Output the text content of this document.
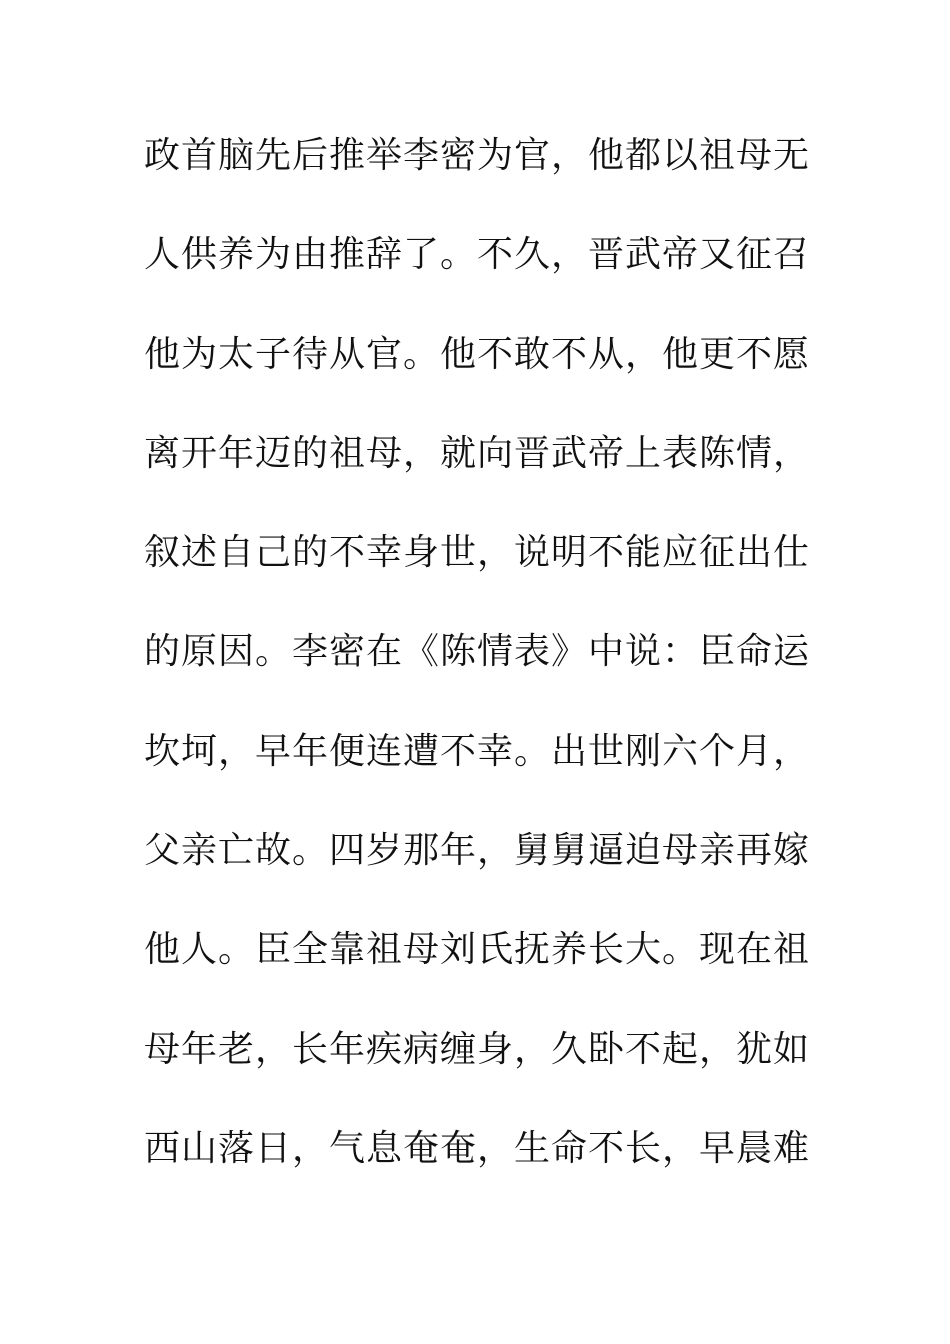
政首脑先后推举李密为官，他都以祖母无
人供养为由推辞了。不久，晋武帝又征召
他为太子待从官。他不敢不从，他更不愿
离开年迈的祖母，就向晋武帝上表陈情，
叙述自己的不幸身世，说明不能应征出仕
的原因。李密在《陈情表》中说：臣命运
坎坷，早年便连遭不幸。出世刚六个月，
父亲亡故。四岁那年，舅舅逼迫母亲再嫁
他人。臣全靠祖母刘氏抚养长大。现在祖
母年老，长年疾病缠身，久卧不起，犹如
西山落日，气息奄奄，生命不长，早晨难
